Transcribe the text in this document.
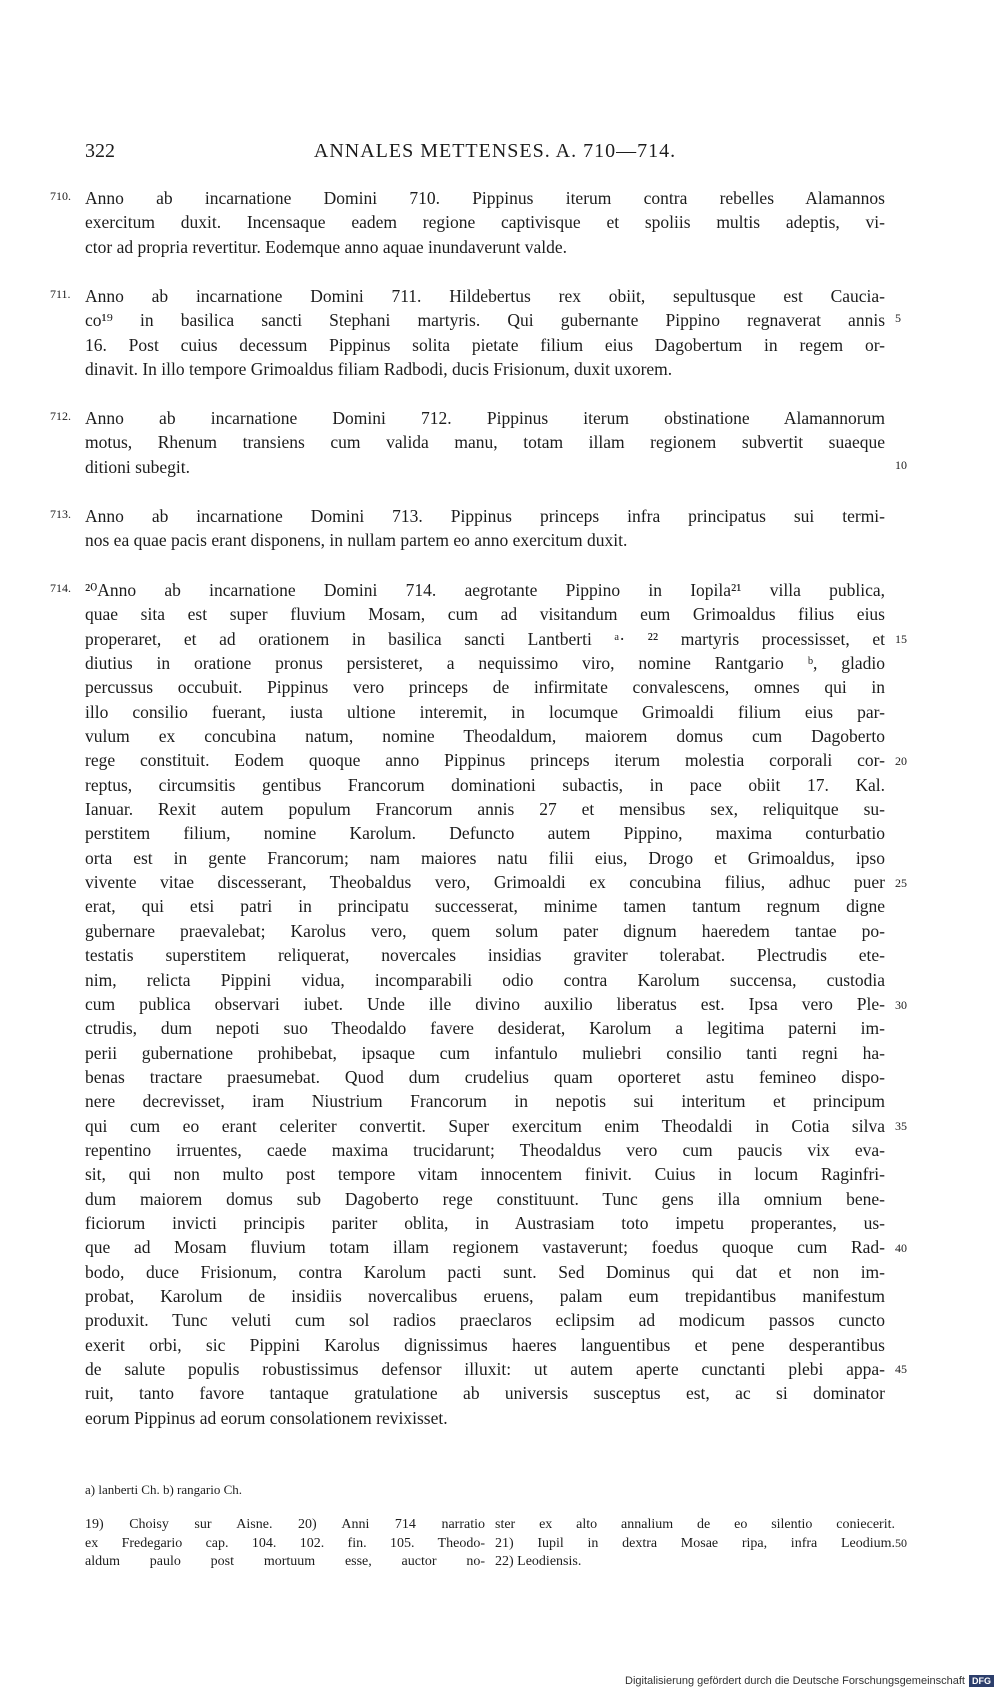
322	ANNALES METTENSES. A. 710—714.
710. Anno ab incarnatione Domini 710. Pippinus iterum contra rebelles Alamannos
exercitum duxit. Incensaque eadem regione captivisque et spoliis multis adeptis, vi-
ctor ad propria revertitur. Eodemque anno aquae inundaverunt valde.
711. Anno ab incarnatione Domini 711. Hildebertus rex obiit, sepultusque est Caucia-
co¹⁹ in basilica sancti Stephani martyris. Qui gubernante Pippino regnaverat annis
16. Post cuius decessum Pippinus solita pietate filium eius Dagobertum in regem or-
dinavit. In illo tempore Grimoaldus filiam Radbodi, ducis Frisionum, duxit uxorem.
5
712. Anno ab incarnatione Domini 712. Pippinus iterum obstinatione Alamannorum
motus, Rhenum transiens cum valida manu, totam illam regionem subvertit suaeque
ditioni subegit.	10
713. Anno ab incarnatione Domini 713. Pippinus princeps infra principatus sui termi-
nos ea quae pacis erant disponens, in nullam partem eo anno exercitum duxit.
714. ²⁰Anno ab incarnatione Domini 714. aegrotante Pippino in Iopila²¹ villa publica,
quae sita est super fluvium Mosam, cum ad visitandum eum Grimoaldus filius eius
properaret, et ad orationem in basilica sancti Lantberti ᵃ· ²² martyris processisset, et
diutius in oratione pronus persisteret, a nequissimo viro, nomine Rantgario ᵇ, gladio
percussus occubuit. Pippinus vero princeps de infirmitate convalescens, omnes qui in
illo consilio fuerant, iusta ultione interemit, in locumque Grimoaldi filium eius par-
vulum ex concubina natum, nomine Theodaldum, maiorem domus cum Dagoberto
rege constituit. Eodem quoque anno Pippinus princeps iterum molestia corporali cor-
reptus, circumsitis gentibus Francorum dominationi subactis, in pace obiit 17. Kal.
Ianuar. Rexit autem populum Francorum annis 27 et mensibus sex, reliquitque su-
perstitem filium, nomine Karolum. Defuncto autem Pippino, maxima conturbatio
orta est in gente Francorum; nam maiores natu filii eius, Drogo et Grimoaldus, ipso
vivente vitae discesserant, Theobaldus vero, Grimoaldi ex concubina filius, adhuc puer
erat, qui etsi patri in principatu successerat, minime tamen tantum regnum digne
gubernare praevalebat; Karolus vero, quem solum pater dignum haeredem tantae po-
testatis superstitem reliquerat, novercales insidias graviter tolerabat. Plectrudis ete-
nim, relicta Pippini vidua, incomparabili odio contra Karolum succensa, custodia
cum publica observari iubet. Unde ille divino auxilio liberatus est. Ipsa vero Ple-
ctrudis, dum nepoti suo Theodaldo favere desiderat, Karolum a legitima paterni im-
perii gubernatione prohibebat, ipsaque cum infantulo muliebri consilio tanti regni ha-
benas tractare praesumebat. Quod dum crudelius quam oporteret astu femineo dispo-
nere decrevisset, iram Niustrium Francorum in nepotis sui interitum et principum
qui cum eo erant celeriter convertit. Super exercitum enim Theodaldi in Cotia silva
repentino irruentes, caede maxima trucidarunt; Theodaldus vero cum paucis vix eva-
sit, qui non multo post tempore vitam innocentem finivit. Cuius in locum Raginfri-
dum maiorem domus sub Dagoberto rege constituunt. Tunc gens illa omnium bene-
ficiorum invicti principis pariter oblita, in Austrasiam toto impetu properantes, us-
que ad Mosam fluvium totam illam regionem vastaverunt; foedus quoque cum Rad-
bodo, duce Frisionum, contra Karolum pacti sunt. Sed Dominus qui dat et non im-
probat, Karolum de insidiis novercalibus eruens, palam eum trepidantibus manifestum
produxit. Tunc veluti cum sol radios praeclaros eclipsim ad modicum passos cuncto
exerit orbi, sic Pippini Karolus dignissimus haeres languentibus et pene desperantibus
de salute populis robustissimus defensor illuxit: ut autem aperte cunctanti plebi appa-
ruit, tanto favore tantaque gratulatione ab universis susceptus est, ac si dominator
eorum Pippinus ad eorum consolationem revixisset.
15
20
25
30
35
40
45
a) lanberti Ch. b) rangario Ch.
19) Choisy sur Aisne. 20) Anni 714 narratio
ex Fredegario cap. 104. 102. fin. 105. Theodo-
aldum paulo post mortuum esse, auctor no-
ster ex alto annalium de eo silentio coniecerit.
21) Iupil in dextra Mosae ripa, infra Leodium.
22) Leodiensis.
50
Digitalisierung gefördert durch die Deutsche Forschungsgemeinschaft DFG
